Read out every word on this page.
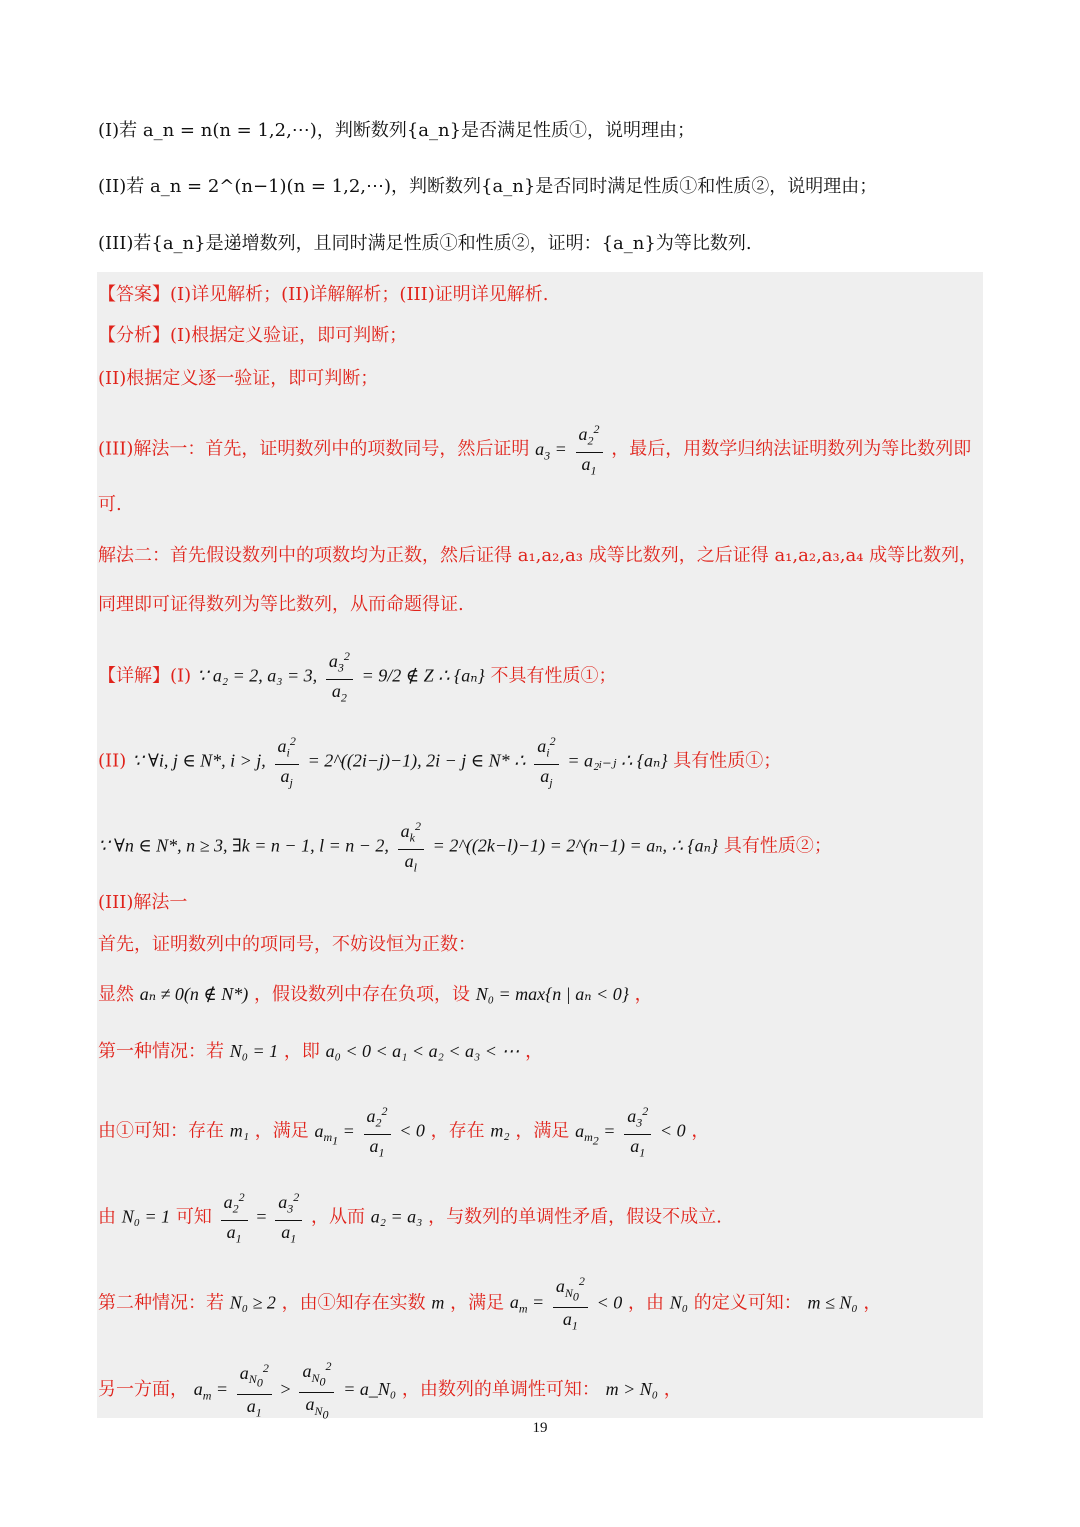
(I)若 a_n = n(n = 1,2,⋯)，判断数列{a_n}是否满足性质①，说明理由；
(II)若 a_n = 2^(n−1)(n = 1,2,⋯)，判断数列{a_n}是否同时满足性质①和性质②，说明理由；
(III)若{a_n}是递增数列，且同时满足性质①和性质②，证明：{a_n}为等比数列.
【答案】(I)详见解析；(II)详解解析；(III)证明详见解析.
【分析】(I)根据定义验证，即可判断；
(II)根据定义逐一验证，即可判断；
(III)解法一：首先，证明数列中的项数同号，然后证明 $a_3 = \frac{a_2^2}{a_1}$ ，最后，用数学归纳法证明数列为等比数列即
可.
解法二：首先假设数列中的项数均为正数，然后证得 a₁,a₂,a₃ 成等比数列，之后证得 a₁,a₂,a₃,a₄ 成等比数列，
同理即可证得数列为等比数列，从而命题得证.
【详解】(I) ∵ a₂ = 2, a₃ = 3, $\frac{a_3^2}{a_2} = 9/2$ ∉ Z ∴ {aₙ} 不具有性质①；
(II) ∵ ∀i, j ∈ N*, i > j, $\frac{a_i^2}{a_j}$ = 2^((2i−j)−1), 2i − j ∈ N* ∴ $\frac{a_i^2}{a_j}$ = a₂ᵢ₋ⱼ ∴ {aₙ} 具有性质①；
∵ ∀n ∈ N*, n ≥ 3, ∃k = n − 1, l = n − 2, $\frac{a_k^2}{a_l}$ = 2^((2k−l)−1) = 2^(n−1) = aₙ, ∴ {aₙ} 具有性质②；
(III)解法一
首先，证明数列中的项同号，不妨设恒为正数：
显然 aₙ ≠ 0(n ∉ N*) ，假设数列中存在负项，设 N₀ = max{n | aₙ < 0} ，
第一种情况：若 N₀ = 1 ，即 a₀ < 0 < a₁ < a₂ < a₃ < ⋯ ，
由①可知：存在 m₁ ，满足 $a_{m_1} = \frac{a_2^2}{a_1} < 0$ ，存在 m₂ ，满足 $a_{m_2} = \frac{a_3^2}{a_1} < 0$ ，
由 N₀ = 1 可知 $\frac{a_2^2}{a_1} = \frac{a_3^2}{a_1}$ ，从而 a₂ = a₃ ，与数列的单调性矛盾，假设不成立.
第二种情况：若 N₀ ≥ 2 ，由①知存在实数 m ，满足 $a_m = \frac{a_{N_0}^2}{a_1} < 0$ ，由 N₀ 的定义可知： m ≤ N₀ ，
另一方面， $a_m = \frac{a_{N_0}^2}{a_1} > \frac{a_{N_0}^2}{a_{N_0}}$ = a_N₀ ，由数列的单调性可知： m > N₀ ，
19
